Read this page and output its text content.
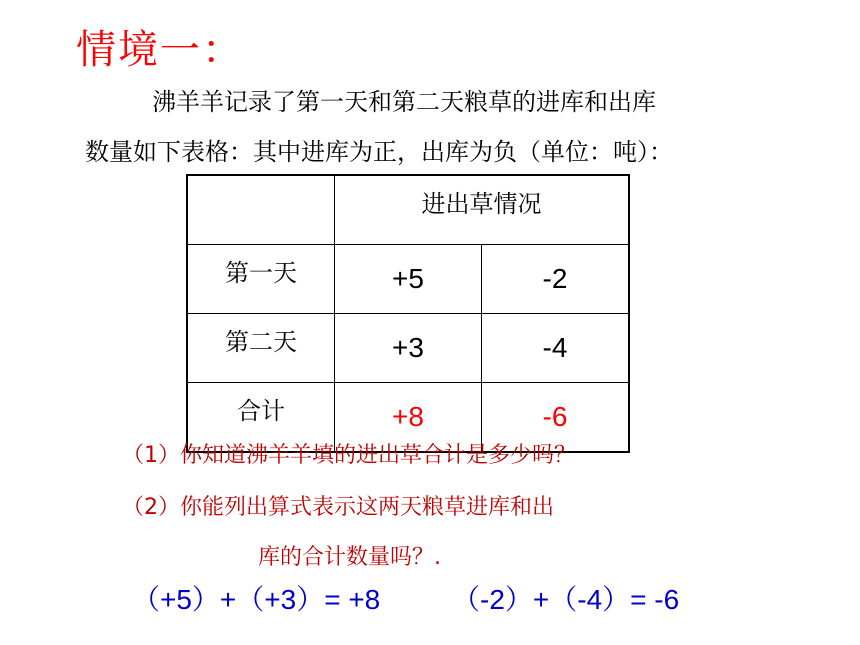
情境一：
沸羊羊记录了第一天和第二天粮草的进库和出库
数量如下表格：其中进库为正，出库为负（单位：吨）：
	进出草情况	
第一天	+5	-2
第二天	+3	-4
合计	+8	-6
（1）你知道沸羊羊填的进出草合计是多少吗？
（2）你能列出算式表示这两天粮草进库和出
库的合计数量吗？.
（+5）+（+3）= +8	（-2）+（-4）= -6
